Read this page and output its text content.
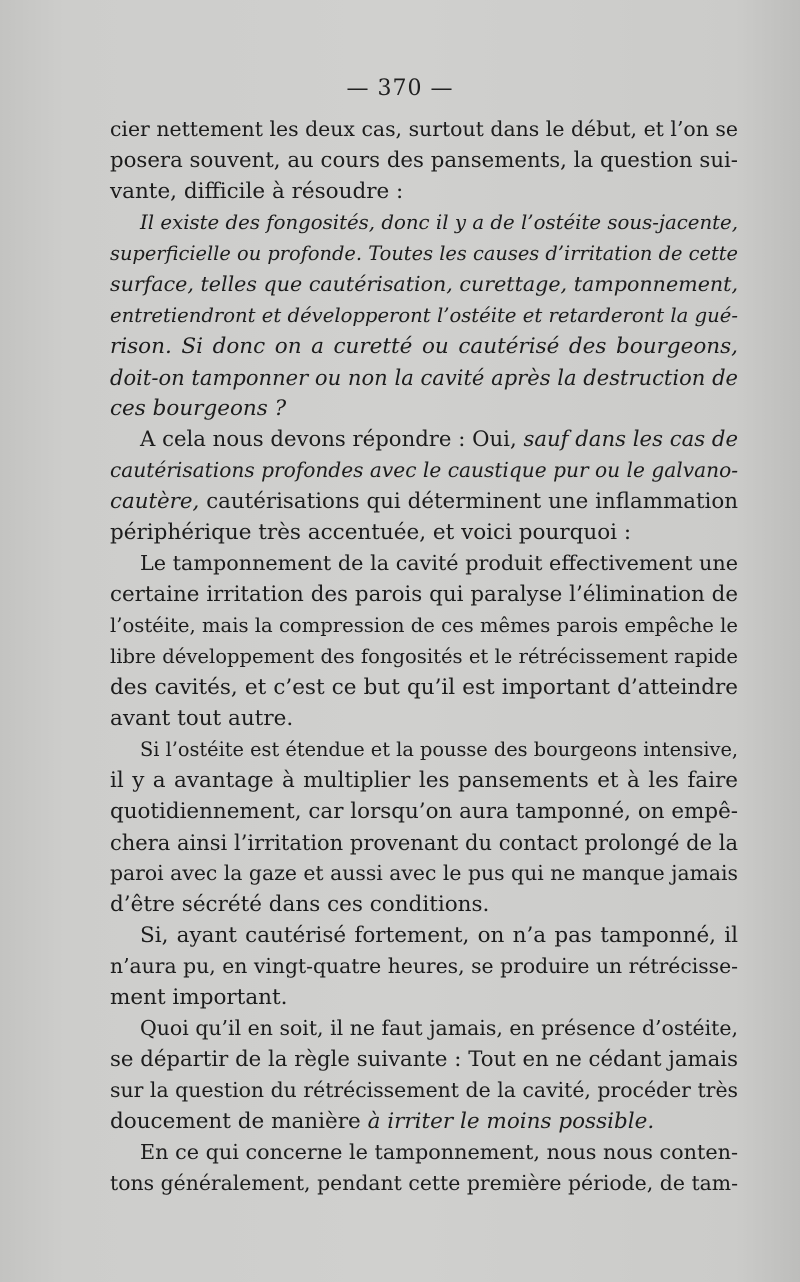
— 370 —
cier nettement les deux cas, surtout dans le début, et l’on se
posera souvent, au cours des pansements, la question sui-
vante, difficile à résoudre :
Il existe des fongosités, donc il y a de l’ostéite sous-jacente,
superficielle ou profonde. Toutes les causes d’irritation de cette
surface, telles que cautérisation, curettage, tamponnement,
entretiendront et développeront l’ostéite et retarderont la gué-
rison. Si donc on a curetté ou cautérisé des bourgeons,
doit-on tamponner ou non la cavité après la destruction de
ces bourgeons ?
A cela nous devons répondre : Oui, sauf dans les cas de
cautérisations profondes avec le caustique pur ou le galvano-
cautère, cautérisations qui déterminent une inflammation
périphérique très accentuée, et voici pourquoi :
Le tamponnement de la cavité produit effectivement une
certaine irritation des parois qui paralyse l’élimination de
l’ostéite, mais la compression de ces mêmes parois empêche le
libre développement des fongosités et le rétrécissement rapide
des cavités, et c’est ce but qu’il est important d’atteindre
avant tout autre.
Si l’ostéite est étendue et la pousse des bourgeons intensive,
il y a avantage à multiplier les pansements et à les faire
quotidiennement, car lorsqu’on aura tamponné, on empê-
chera ainsi l’irritation provenant du contact prolongé de la
paroi avec la gaze et aussi avec le pus qui ne manque jamais
d’être sécrété dans ces conditions.
Si, ayant cautérisé fortement, on n’a pas tamponné, il
n’aura pu, en vingt-quatre heures, se produire un rétrécisse-
ment important.
Quoi qu’il en soit, il ne faut jamais, en présence d’ostéite,
se départir de la règle suivante : Tout en ne cédant jamais
sur la question du rétrécissement de la cavité, procéder très
doucement de manière à irriter le moins possible.
En ce qui concerne le tamponnement, nous nous conten-
tons généralement, pendant cette première période, de tam-
